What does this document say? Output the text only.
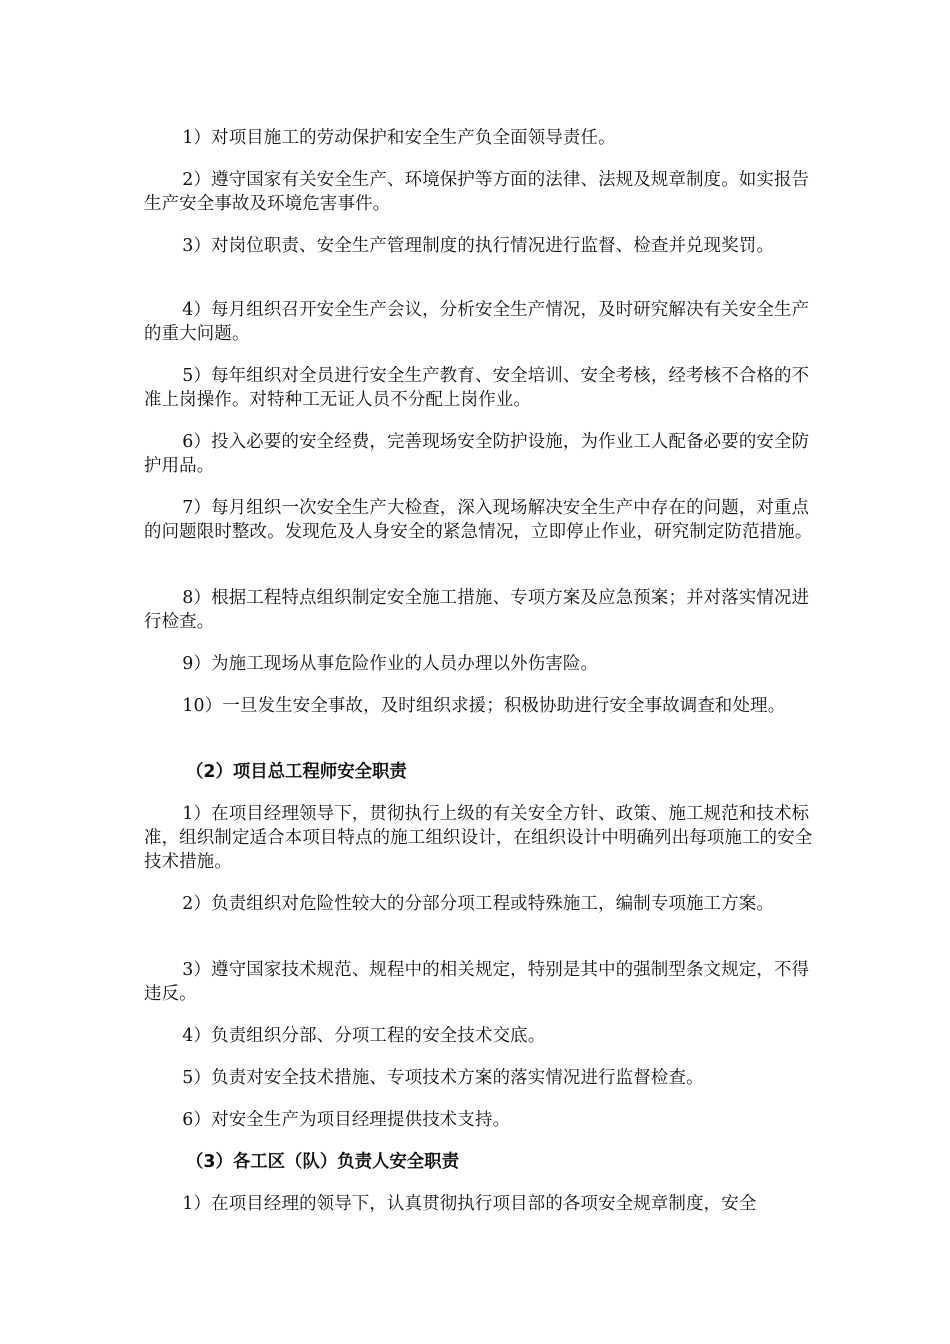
1）对项目施工的劳动保护和安全生产负全面领导责任。

2）遵守国家有关安全生产、环境保护等方面的法律、法规及规章制度。如实报告生产安全事故及环境危害事件。

3）对岗位职责、安全生产管理制度的执行情况进行监督、检查并兑现奖罚。

4）每月组织召开安全生产会议，分析安全生产情况，及时研究解决有关安全生产的重大问题。

5）每年组织对全员进行安全生产教育、安全培训、安全考核，经考核不合格的不准上岗操作。对特种工无证人员不分配上岗作业。

6）投入必要的安全经费，完善现场安全防护设施，为作业工人配备必要的安全防护用品。

7）每月组织一次安全生产大检查，深入现场解决安全生产中存在的问题，对重点的问题限时整改。发现危及人身安全的紧急情况，立即停止作业，研究制定防范措施。

8）根据工程特点组织制定安全施工措施、专项方案及应急预案；并对落实情况进行检查。

9）为施工现场从事危险作业的人员办理以外伤害险。

10）一旦发生安全事故，及时组织求援；积极协助进行安全事故调查和处理。

（2）项目总工程师安全职责

1）在项目经理领导下，贯彻执行上级的有关安全方针、政策、施工规范和技术标准，组织制定适合本项目特点的施工组织设计，在组织设计中明确列出每项施工的安全技术措施。

2）负责组织对危险性较大的分部分项工程或特殊施工，编制专项施工方案。

3）遵守国家技术规范、规程中的相关规定，特别是其中的强制型条文规定，不得违反。

4）负责组织分部、分项工程的安全技术交底。

5）负责对安全技术措施、专项技术方案的落实情况进行监督检查。

6）对安全生产为项目经理提供技术支持。

（3）各工区（队）负责人安全职责

1）在项目经理的领导下，认真贯彻执行项目部的各项安全规章制度，安全
